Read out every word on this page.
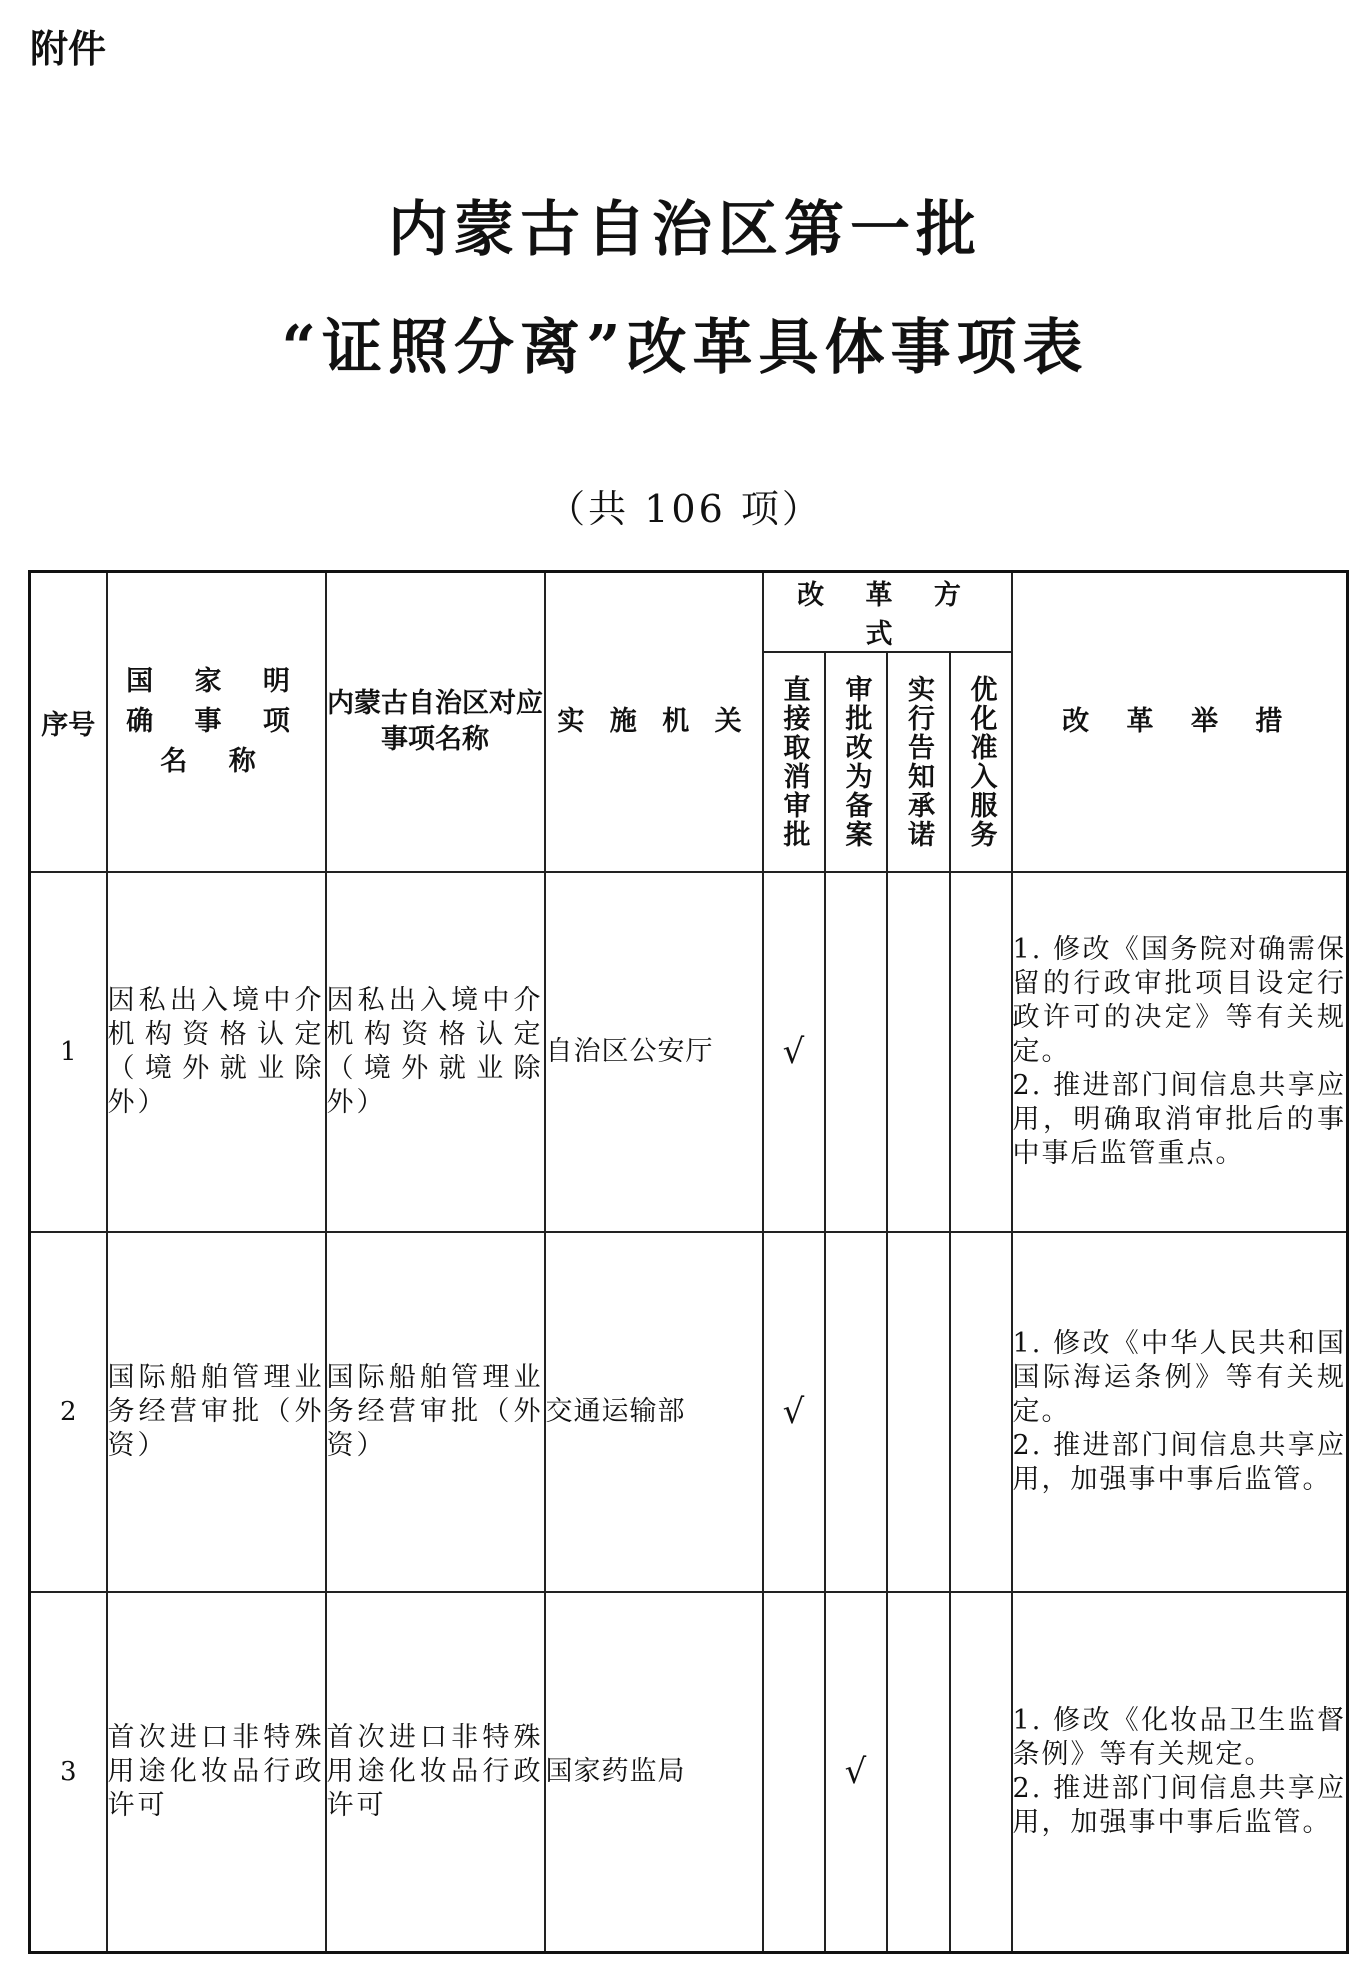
附件
内蒙古自治区第一批
“证照分离”改革具体事项表
（共 106 项）
序号	国 家 明 确 事 项 名 称	内蒙古自治区对应事项名称	实 施 机 关	改 革 方 式				改 革 举 措

				直接取消审批	审批改为备案	实行告知承诺	优化准入服务	

1	因私出入境中介机构资格认定（境外就业除外）	因私出入境中介机构资格认定（境外就业除外）	自治区公安厅	√				1. 修改《国务院对确需保留的行政审批项目设定行政许可的决定》等有关规定。
2. 推进部门间信息共享应用，明确取消审批后的事中事后监管重点。

2	国际船舶管理业务经营审批（外资）	国际船舶管理业务经营审批（外资）	交通运输部	√				1. 修改《中华人民共和国国际海运条例》等有关规定。
2. 推进部门间信息共享应用，加强事中事后监管。

3	首次进口非特殊用途化妆品行政许可	首次进口非特殊用途化妆品行政许可	国家药监局		√			1. 修改《化妆品卫生监督条例》等有关规定。
2. 推进部门间信息共享应用，加强事中事后监管。
